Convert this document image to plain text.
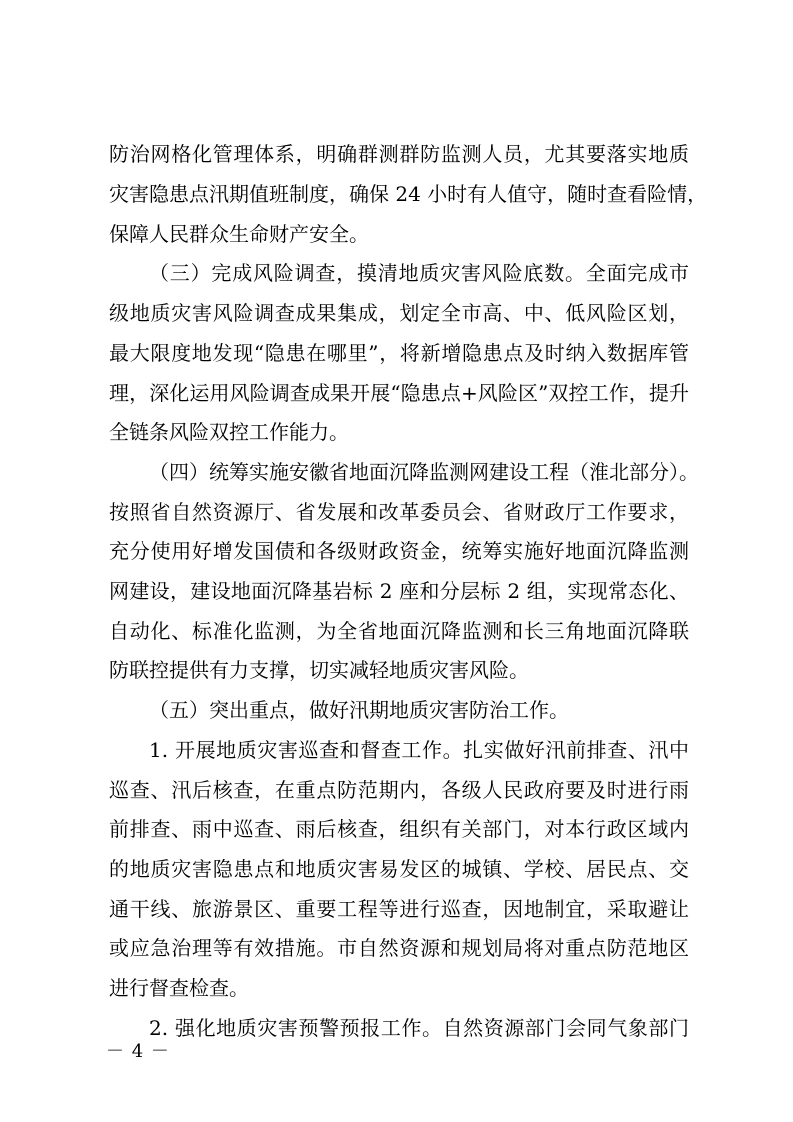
防治网格化管理体系，明确群测群防监测人员，尤其要落实地质
灾害隐患点汛期值班制度，确保 24 小时有人值守，随时查看险情，
保障人民群众生命财产安全。
（三）完成风险调查，摸清地质灾害风险底数。全面完成市
级地质灾害风险调查成果集成，划定全市高、中、低风险区划，
最大限度地发现“隐患在哪里”，将新增隐患点及时纳入数据库管
理，深化运用风险调查成果开展“隐患点+风险区”双控工作，提升
全链条风险双控工作能力。
（四）统筹实施安徽省地面沉降监测网建设工程（淮北部分）。
按照省自然资源厅、省发展和改革委员会、省财政厅工作要求，
充分使用好增发国债和各级财政资金，统筹实施好地面沉降监测
网建设，建设地面沉降基岩标 2 座和分层标 2 组，实现常态化、
自动化、标准化监测，为全省地面沉降监测和长三角地面沉降联
防联控提供有力支撑，切实减轻地质灾害风险。
（五）突出重点，做好汛期地质灾害防治工作。
1. 开展地质灾害巡查和督查工作。扎实做好汛前排查、汛中
巡查、汛后核查，在重点防范期内，各级人民政府要及时进行雨
前排查、雨中巡查、雨后核查，组织有关部门，对本行政区域内
的地质灾害隐患点和地质灾害易发区的城镇、学校、居民点、交
通干线、旅游景区、重要工程等进行巡查，因地制宜，采取避让
或应急治理等有效措施。市自然资源和规划局将对重点防范地区
进行督查检查。
2. 强化地质灾害预警预报工作。自然资源部门会同气象部门
－ 4 －
